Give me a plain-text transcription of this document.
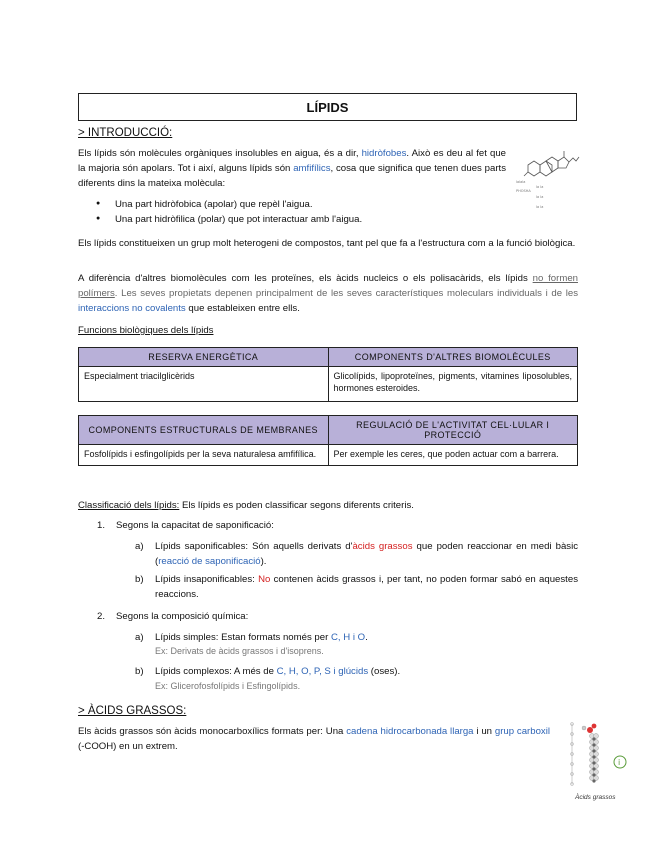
LÍPIDS
> INTRODUCCIÓ:
Els lípids són molècules orgàniques insolubles en aigua, és a dir, hidròfobes. Això es deu al fet que la majoria són apolars. Tot i així, alguns lípids són amfifílics, cosa que significa que tenen dues parts diferents dins la mateixa molècula:	lalala
PHOSHA
la la
la la
la la
● Una part hidròfobica (apolar) que repèl l'aigua.
● Una part hidròfilica (polar) que pot interactuar amb l'aigua.
Els lípids constitueixen un grup molt heterogeni de compostos, tant pel que fa a l'estructura com a la funció biològica.
A diferència d'altres biomolècules com les proteïnes, els àcids nucleics o els polisacàrids, els lípids no formen polímers. Les seves propietats depenen principalment de les seves característiques moleculars individuals i de les interaccions no covalents que estableixen entre ells.
Funcions biològiques dels lípids
RESERVA ENERGÈTICA	COMPONENTS D'ALTRES BIOMOLÈCULES
Especialment triacilglicèrids	Glicolípids, lipoproteïnes, pigments, vitamines liposolubles, hormones esteroides.
COMPONENTS ESTRUCTURALS DE MEMBRANES	REGULACIÓ DE L'ACTIVITAT CEL·LULAR I PROTECCIÓ
Fosfolípids i esfingolípids per la seva naturalesa amfifílica.	Per exemple les ceres, que poden actuar com a barrera.
Classificació dels lípids: Els lípids es poden classificar segons diferents criteris.
1. Segons la capacitat de saponificació:
a) Lípids saponificables: Són aquells derivats d'àcids grassos que poden reaccionar en medi bàsic (reacció de saponificació).
b) Lípids insaponificables: No contenen àcids grassos i, per tant, no poden formar sabó en aquestes reaccions.
2. Segons la composició química:
a) Lípids simples: Estan formats només per C, H i O.
Ex: Derivats de àcids grassos i d'isoprens.
b) Lípids complexos: A més de C, H, O, P, S i glúcids (oses).
Ex: Glicerofosfolípids i Esfingolípids.
> ÀCIDS GRASSOS:
Els àcids grassos són àcids monocarboxílics formats per: Una cadena hidrocarbonada llarga i un grup carboxil (-COOH) en un extrem.
i
Àcids grassos
